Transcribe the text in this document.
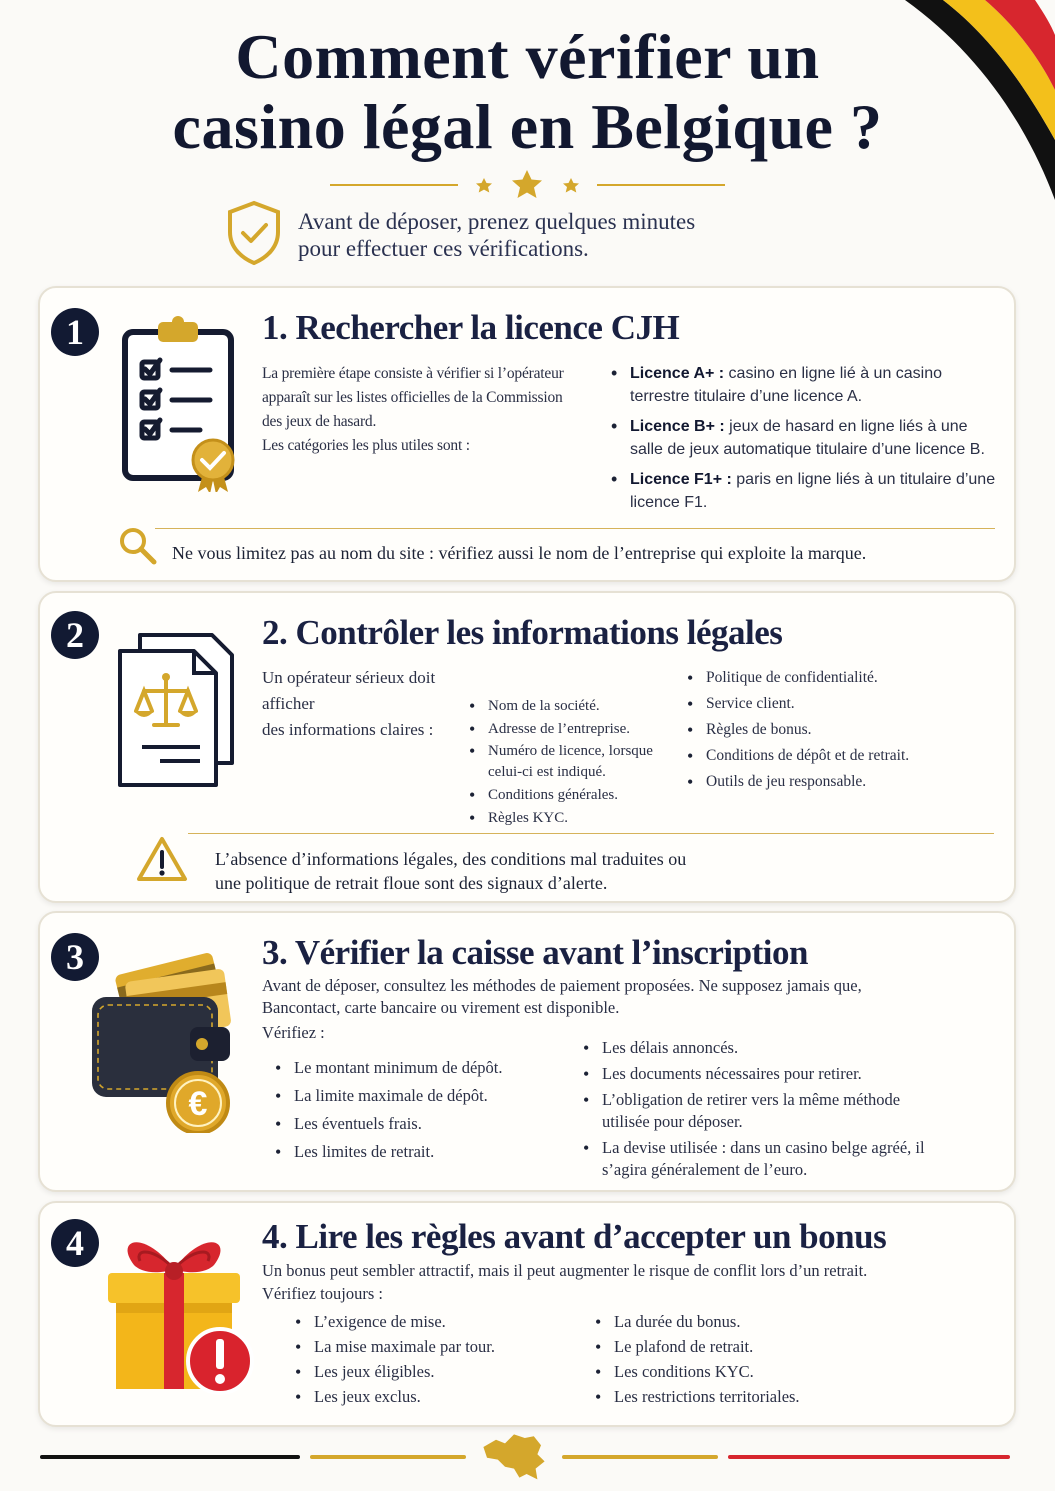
Comment vérifier un
casino légal en Belgique ?
Avant de déposer, prenez quelques minutes
pour effectuer ces vérifications.
1	1. Rechercher la licence CJH
La première étape consiste à vérifier si l’opérateur
apparaît sur les listes officielles de la Commission
des jeux de hasard.
Les catégories les plus utiles sont :
• Licence A+ : casino en ligne lié à un casino terrestre titulaire d’une licence A.
• Licence B+ : jeux de hasard en ligne liés à une salle de jeux automatique titulaire d’une licence B.
• Licence F1+ : paris en ligne liés à un titulaire d’une licence F1.
Ne vous limitez pas au nom du site : vérifiez aussi le nom de l’entreprise qui exploite la marque.
2	2. Contrôler les informations légales
Un opérateur sérieux doit afficher
des informations claires :
• Nom de la société.
• Adresse de l’entreprise.
• Numéro de licence, lorsque celui-ci est indiqué.
• Conditions générales.
• Règles KYC.
• Politique de confidentialité.
• Service client.
• Règles de bonus.
• Conditions de dépôt et de retrait.
• Outils de jeu responsable.
L’absence d’informations légales, des conditions mal traduites ou
une politique de retrait floue sont des signaux d’alerte.
3
€
3. Vérifier la caisse avant l’inscription
Avant de déposer, consultez les méthodes de paiement proposées. Ne supposez jamais que,
Bancontact, carte bancaire ou virement est disponible.
Vérifiez :
• Le montant minimum de dépôt.
• La limite maximale de dépôt.
• Les éventuels frais.
• Les limites de retrait.
• Les délais annoncés.
• Les documents nécessaires pour retirer.
• L’obligation de retirer vers la même méthode utilisée pour déposer.
• La devise utilisée : dans un casino belge agréé, il s’agira généralement de l’euro.
4	4. Lire les règles avant d’accepter un bonus
Un bonus peut sembler attractif, mais il peut augmenter le risque de conflit lors d’un retrait.
Vérifiez toujours :
• L’exigence de mise.
• La mise maximale par tour.
• Les jeux éligibles.
• Les jeux exclus.
• La durée du bonus.
• Le plafond de retrait.
• Les conditions KYC.
• Les restrictions territoriales.
